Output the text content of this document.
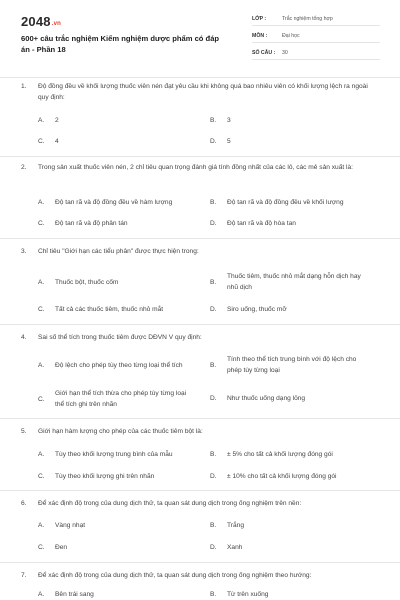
2048.vn
600+ câu trắc nghiệm Kiểm nghiệm dược phẩm có đáp án - Phần 18
LỚP :	Trắc nghiệm tổng hợp
MÔN :	Đại học
SỐ CÂU :	30
1.	Độ đồng đều về khối lượng thuốc viên nén đạt yêu cầu khi không quá bao nhiêu viên có khối lượng lệch ra ngoài quy định:
A.	2	B.	3
C.	4	D.	5
2.	Trong sản xuất thuốc viên nén, 2 chỉ tiêu quan trọng đánh giá tính đồng nhất của các lô, các mẻ sản xuất là:
A.	Độ tan rã và độ đồng đều về hàm lượng	B.	Độ tan rã và độ đồng đều về khối lượng
C.	Độ tan rã và độ phân tán	D.	Độ tan rã và độ hòa tan
3.	Chỉ tiêu "Giới hạn các tiểu phân" được thực hiện trong:
A.	Thuốc bột, thuốc cốm	B.
Thuốc tiêm, thuốc nhỏ mắt dạng hỗn dịch hay nhũ dịch
C.	Tất cả các thuốc tiêm, thuốc nhỏ mắt	D.	Siro uống, thuốc mỡ
4.	Sai số thể tích trong thuốc tiêm được DĐVN V quy định:
A.	Độ lệch cho phép tùy theo từng loại thể tích	B.
Tính theo thể tích trung bình với độ lệch cho phép tùy từng loại
C.
Giới hạn thể tích thừa cho phép tùy từng loại thể tích ghi trên nhãn
D.	Như thuốc uống dạng lỏng
5.	Giới hạn hàm lượng cho phép của các thuốc tiêm bột là:
A.	Tùy theo khối lượng trung bình của mẫu	B.	± 5% cho tất cả khối lượng đóng gói
C.	Tùy theo khối lượng ghi trên nhãn	D.	± 10% cho tất cả khối lượng đóng gói
6.	Để xác định độ trong của dung dịch thử, ta quan sát dung dịch trong ống nghiệm trên nền:
A.	Vàng nhạt	B.	Trắng
C.	Đen	D.	Xanh
7.	Để xác định độ trong của dung dịch thử, ta quan sát dung dịch trong ống nghiệm theo hướng:
A.	Bên trái sang	B.	Từ trên xuống
